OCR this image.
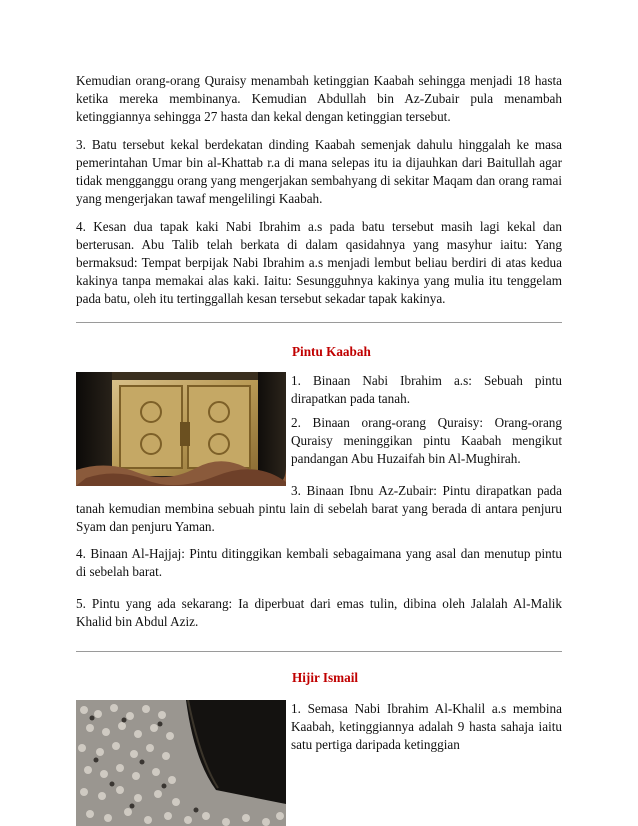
Kemudian orang-orang Quraisy menambah ketinggian Kaabah sehingga menjadi 18 hasta ketika mereka membinanya. Kemudian Abdullah bin Az-Zubair pula menambah ketinggiannya sehingga 27 hasta dan kekal dengan ketinggian tersebut.

3. Batu tersebut kekal berdekatan dinding Kaabah semenjak dahulu hinggalah ke masa pemerintahan Umar bin al-Khattab r.a di mana selepas itu ia dijauhkan dari Baitullah agar tidak mengganggu orang yang mengerjakan sembahyang di sekitar Maqam dan orang ramai yang mengerjakan tawaf mengelilingi Kaabah.

4. Kesan dua tapak kaki Nabi Ibrahim a.s pada batu tersebut masih lagi kekal dan berterusan. Abu Talib telah berkata di dalam qasidahnya yang masyhur iaitu: Yang bermaksud: Tempat berpijak Nabi Ibrahim a.s menjadi lembut beliau berdiri di atas kedua kakinya tanpa memakai alas kaki. Iaitu: Sesungguhnya kakinya yang mulia itu tenggelam pada batu, oleh itu tertinggallah kesan tersebut sekadar tapak kakinya.

Pintu Kaabah

1. Binaan Nabi Ibrahim a.s: Sebuah pintu dirapatkan pada tanah.

2. Binaan orang-orang Quraisy: Orang-orang Quraisy meninggikan pintu Kaabah mengikut pandangan Abu Huzaifah bin Al-Mughirah.

3. Binaan Ibnu Az-Zubair: Pintu dirapatkan pada tanah kemudian membina sebuah pintu lain di sebelah barat yang berada di antara penjuru Syam dan penjuru Yaman.

4. Binaan Al-Hajjaj: Pintu ditinggikan kembali sebagaimana yang asal dan menutup pintu di sebelah barat.

5. Pintu yang ada sekarang: Ia diperbuat dari emas tulin, dibina oleh Jalalah Al-Malik Khalid bin Abdul Aziz.

Hijir Ismail

1. Semasa Nabi Ibrahim Al-Khalil a.s membina Kaabah, ketinggiannya adalah 9 hasta sahaja iaitu satu pertiga daripada ketinggian
